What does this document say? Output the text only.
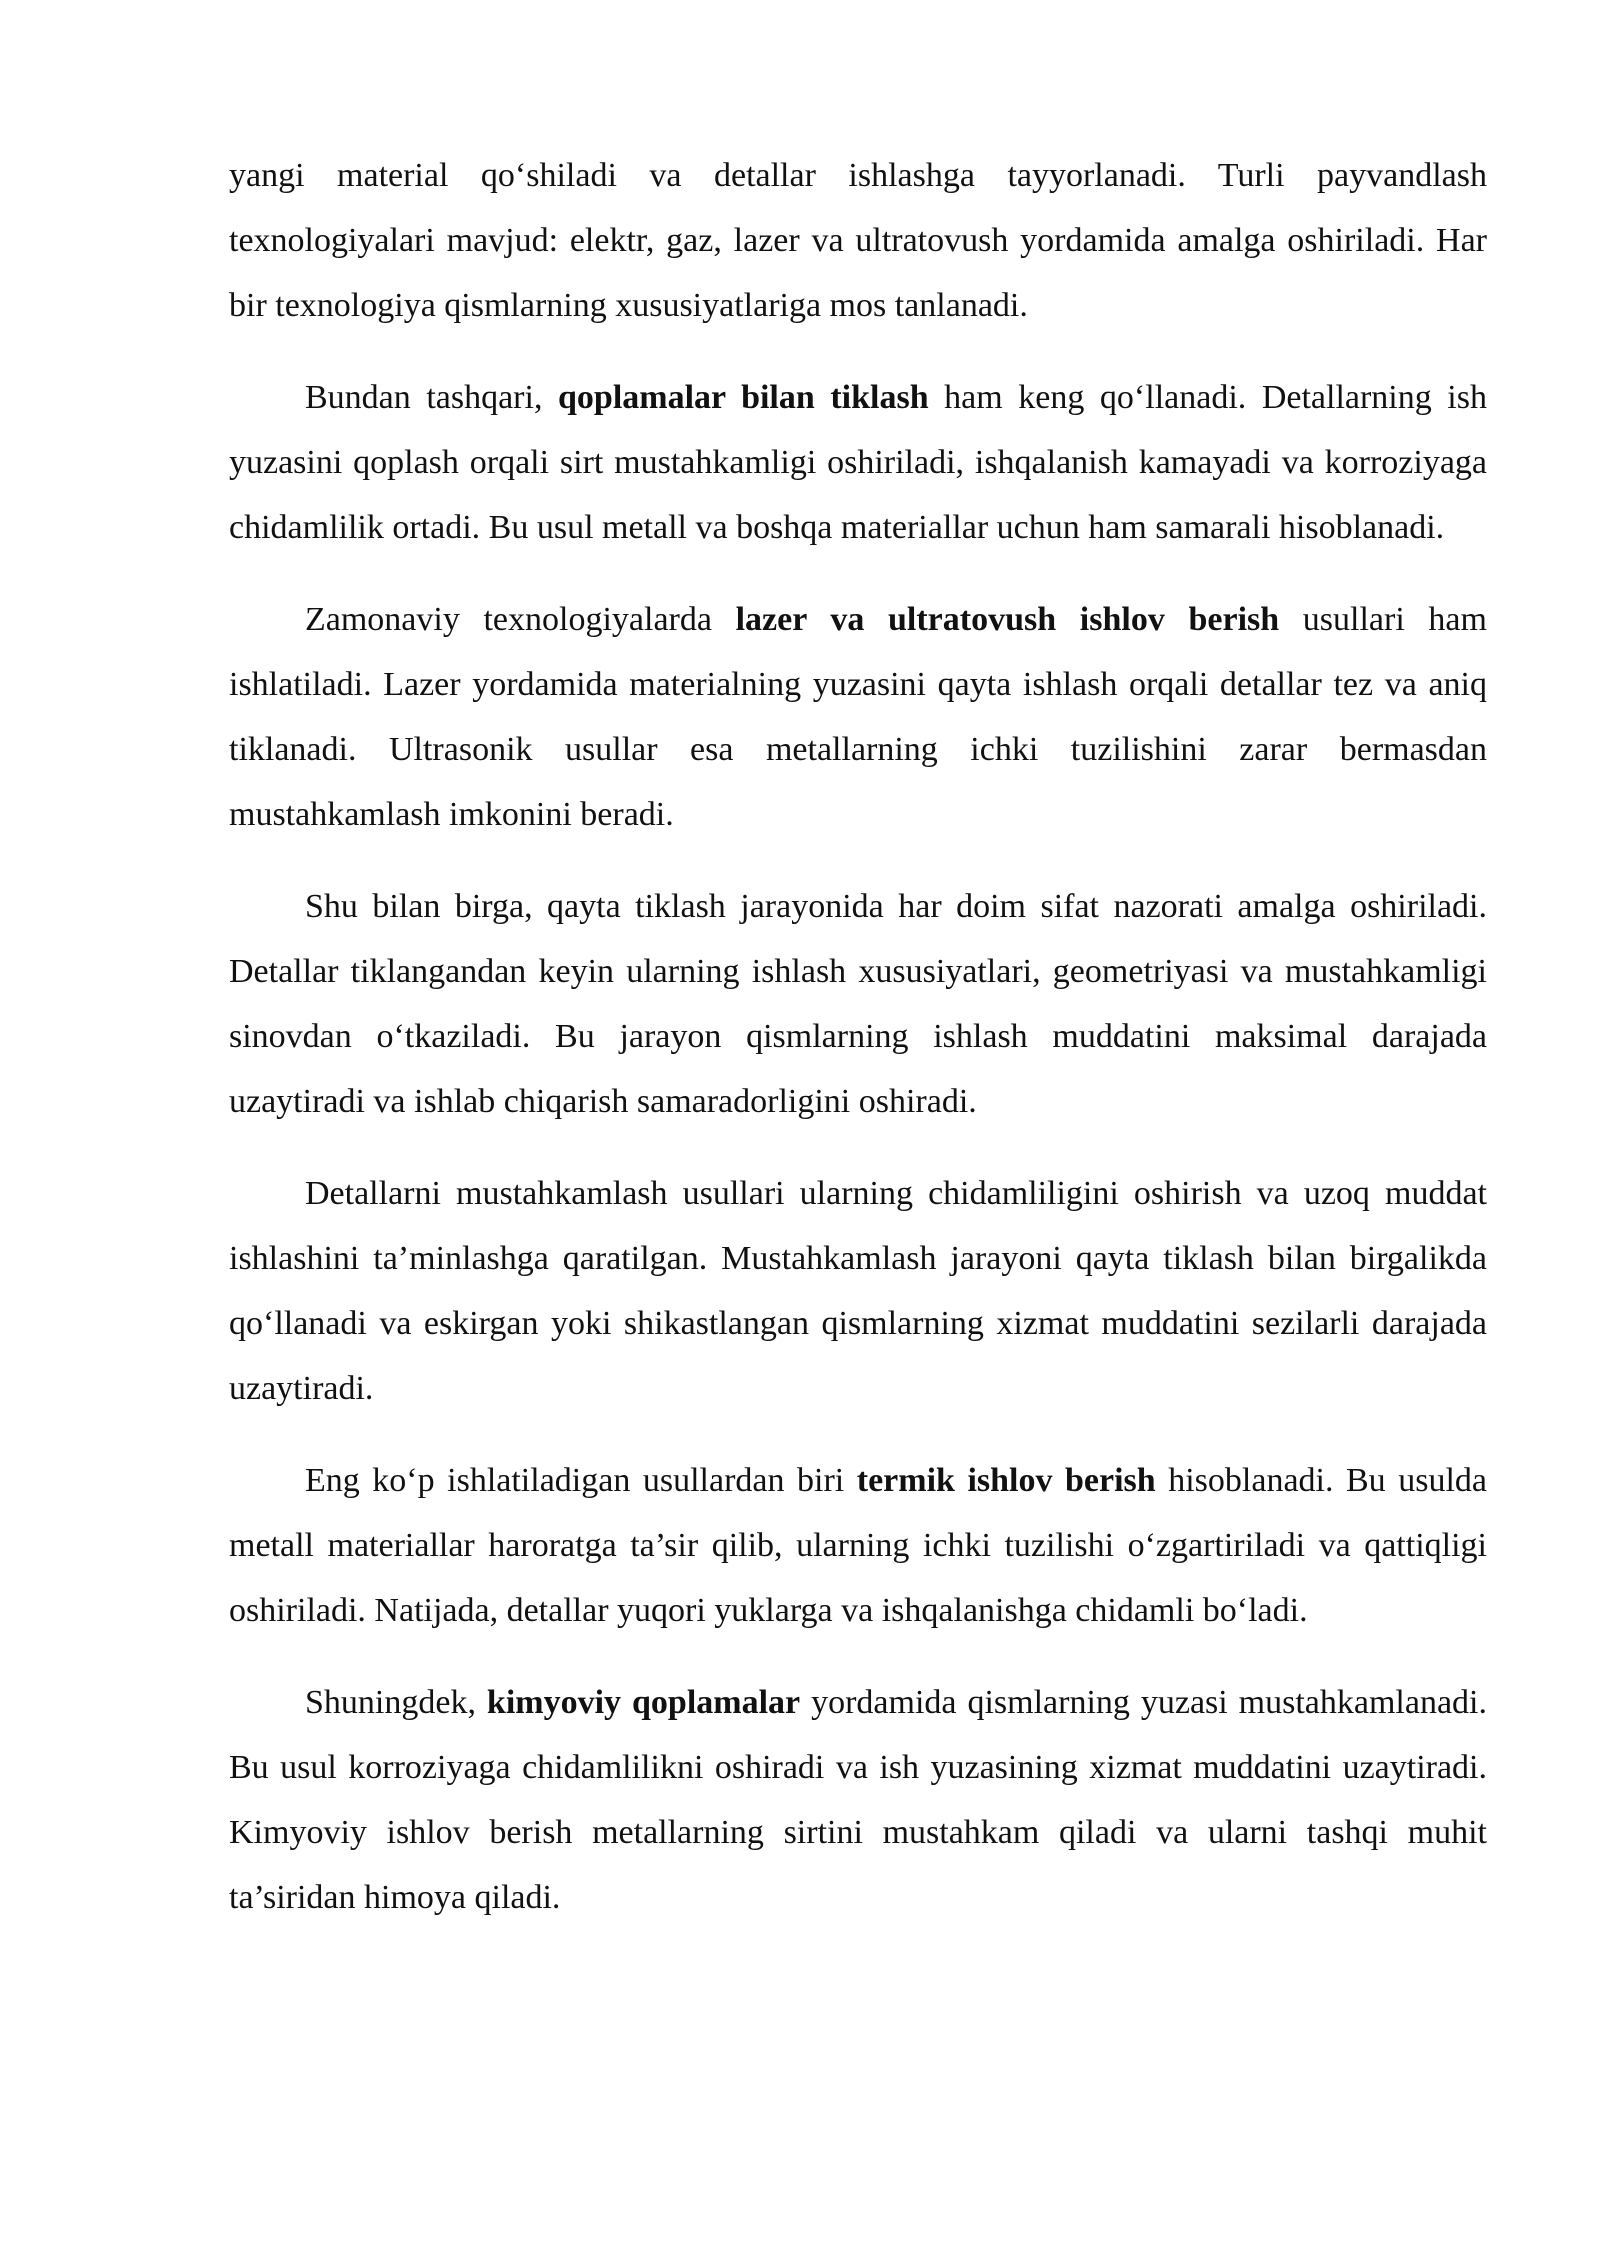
yangi material qo‘shiladi va detallar ishlashga tayyorlanadi. Turli payvandlash texnologiyalari mavjud: elektr, gaz, lazer va ultratovush yordamida amalga oshiriladi. Har bir texnologiya qismlarning xususiyatlariga mos tanlanadi.

Bundan tashqari, qoplamalar bilan tiklash ham keng qo‘llanadi. Detallarning ish yuzasini qoplash orqali sirt mustahkamligi oshiriladi, ishqalanish kamayadi va korroziyaga chidamlilik ortadi. Bu usul metall va boshqa materiallar uchun ham samarali hisoblanadi.

Zamonaviy texnologiyalarda lazer va ultratovush ishlov berish usullari ham ishlatiladi. Lazer yordamida materialning yuzasini qayta ishlash orqali detallar tez va aniq tiklanadi. Ultrasonik usullar esa metallarning ichki tuzilishini zarar bermasdan mustahkamlash imkonini beradi.

Shu bilan birga, qayta tiklash jarayonida har doim sifat nazorati amalga oshiriladi. Detallar tiklangandan keyin ularning ishlash xususiyatlari, geometriyasi va mustahkamligi sinovdan o‘tkaziladi. Bu jarayon qismlarning ishlash muddatini maksimal darajada uzaytiradi va ishlab chiqarish samaradorligini oshiradi.

Detallarni mustahkamlash usullari ularning chidamliligini oshirish va uzoq muddat ishlashini ta’minlashga qaratilgan. Mustahkamlash jarayoni qayta tiklash bilan birgalikda qo‘llanadi va eskirgan yoki shikastlangan qismlarning xizmat muddatini sezilarli darajada uzaytiradi.

Eng ko‘p ishlatiladigan usullardan biri termik ishlov berish hisoblanadi. Bu usulda metall materiallar haroratga ta’sir qilib, ularning ichki tuzilishi o‘zgartiriladi va qattiqligi oshiriladi. Natijada, detallar yuqori yuklarga va ishqalanishga chidamli bo‘ladi.

Shuningdek, kimyoviy qoplamalar yordamida qismlarning yuzasi mustahkamlanadi. Bu usul korroziyaga chidamlilikni oshiradi va ish yuzasining xizmat muddatini uzaytiradi. Kimyoviy ishlov berish metallarning sirtini mustahkam qiladi va ularni tashqi muhit ta’siridan himoya qiladi.
